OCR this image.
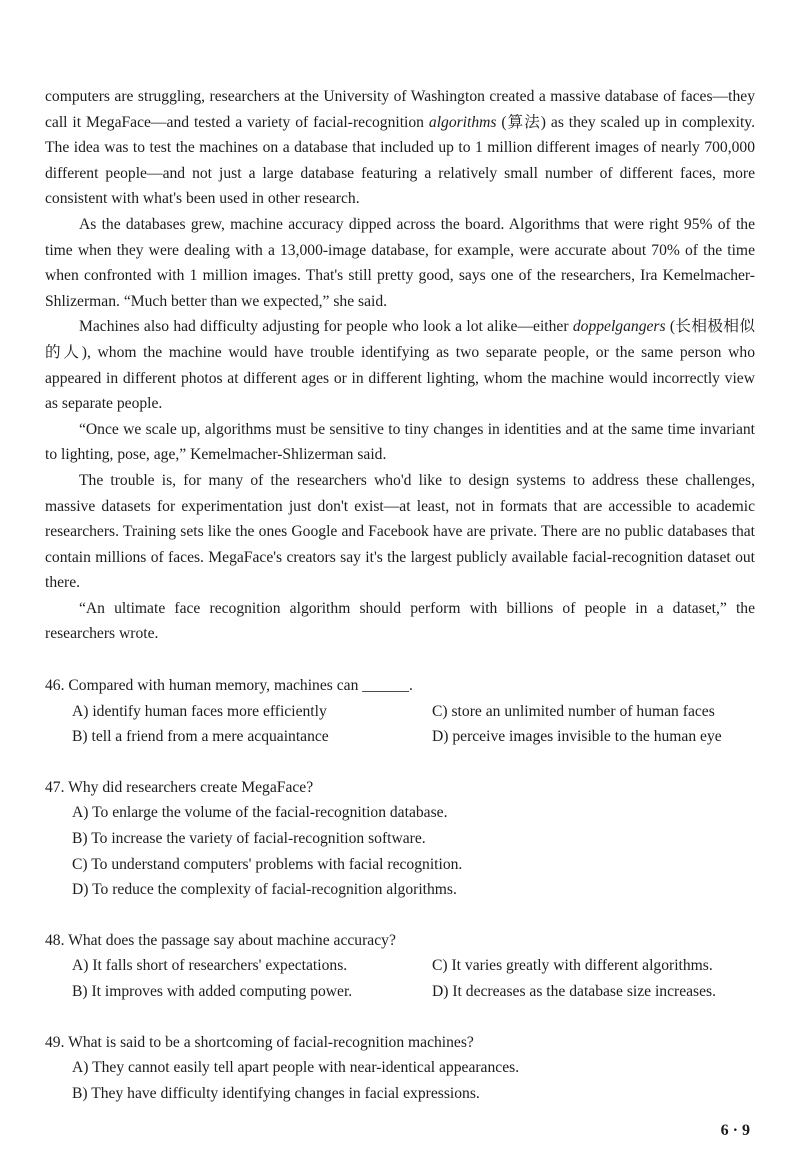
computers are struggling, researchers at the University of Washington created a massive database of faces—they call it MegaFace—and tested a variety of facial-recognition algorithms (算法) as they scaled up in complexity. The idea was to test the machines on a database that included up to 1 million different images of nearly 700,000 different people—and not just a large database featuring a relatively small number of different faces, more consistent with what's been used in other research.

As the databases grew, machine accuracy dipped across the board. Algorithms that were right 95% of the time when they were dealing with a 13,000-image database, for example, were accurate about 70% of the time when confronted with 1 million images. That's still pretty good, says one of the researchers, Ira Kemelmacher-Shlizerman. “Much better than we expected,” she said.

Machines also had difficulty adjusting for people who look a lot alike—either doppelgangers (长相极相似的人), whom the machine would have trouble identifying as two separate people, or the same person who appeared in different photos at different ages or in different lighting, whom the machine would incorrectly view as separate people.

“Once we scale up, algorithms must be sensitive to tiny changes in identities and at the same time invariant to lighting, pose, age,” Kemelmacher-Shlizerman said.

The trouble is, for many of the researchers who'd like to design systems to address these challenges, massive datasets for experimentation just don't exist—at least, not in formats that are accessible to academic researchers. Training sets like the ones Google and Facebook have are private. There are no public databases that contain millions of faces. MegaFace's creators say it's the largest publicly available facial-recognition dataset out there.

“An ultimate face recognition algorithm should perform with billions of people in a dataset,” the researchers wrote.

46. Compared with human memory, machines can ______.
A) identify human faces more efficiently	C) store an unlimited number of human faces
B) tell a friend from a mere acquaintance	D) perceive images invisible to the human eye
47. Why did researchers create MegaFace?
A) To enlarge the volume of the facial-recognition database.
B) To increase the variety of facial-recognition software.
C) To understand computers' problems with facial recognition.
D) To reduce the complexity of facial-recognition algorithms.
48. What does the passage say about machine accuracy?
A) It falls short of researchers' expectations.	C) It varies greatly with different algorithms.
B) It improves with added computing power.	D) It decreases as the database size increases.
49. What is said to be a shortcoming of facial-recognition machines?
A) They cannot easily tell apart people with near-identical appearances.
B) They have difficulty identifying changes in facial expressions.
6 · 9
